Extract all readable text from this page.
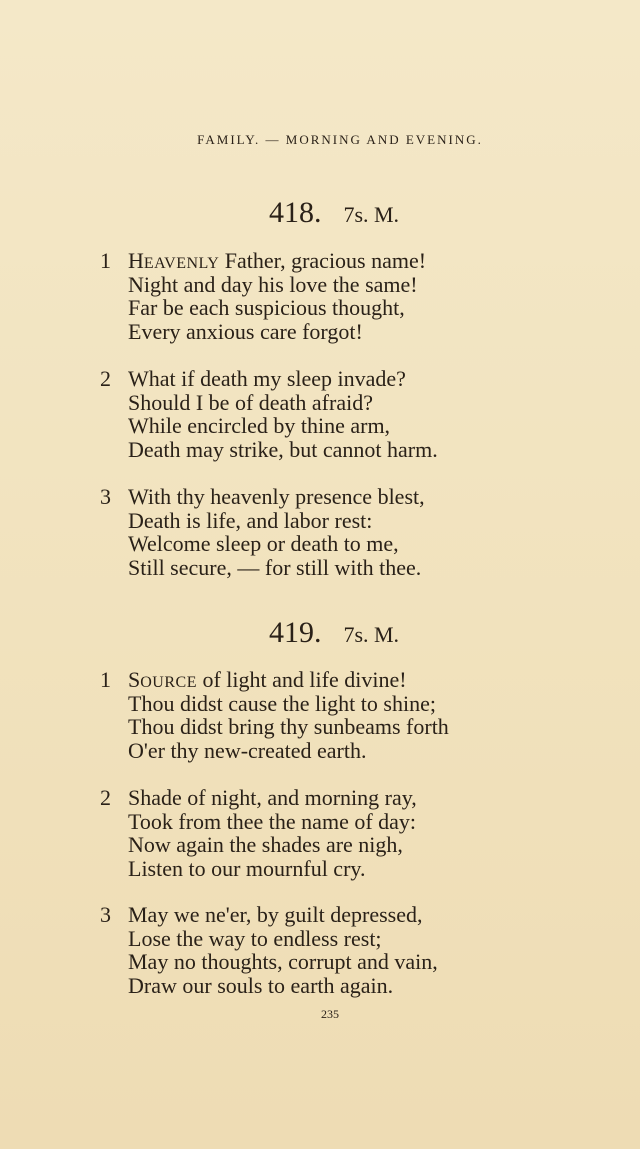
FAMILY. — MORNING AND EVENING.
418. 7s. M.
1 HEAVENLY Father, gracious name!
Night and day his love the same!
Far be each suspicious thought,
Every anxious care forgot!
2 What if death my sleep invade?
Should I be of death afraid?
While encircled by thine arm,
Death may strike, but cannot harm.
3 With thy heavenly presence blest,
Death is life, and labor rest:
Welcome sleep or death to me,
Still secure, — for still with thee.
419. 7s. M.
1 SOURCE of light and life divine!
Thou didst cause the light to shine;
Thou didst bring thy sunbeams forth
O'er thy new-created earth.
2 Shade of night, and morning ray,
Took from thee the name of day:
Now again the shades are nigh,
Listen to our mournful cry.
3 May we ne'er, by guilt depressed,
Lose the way to endless rest;
May no thoughts, corrupt and vain,
Draw our souls to earth again.
235
